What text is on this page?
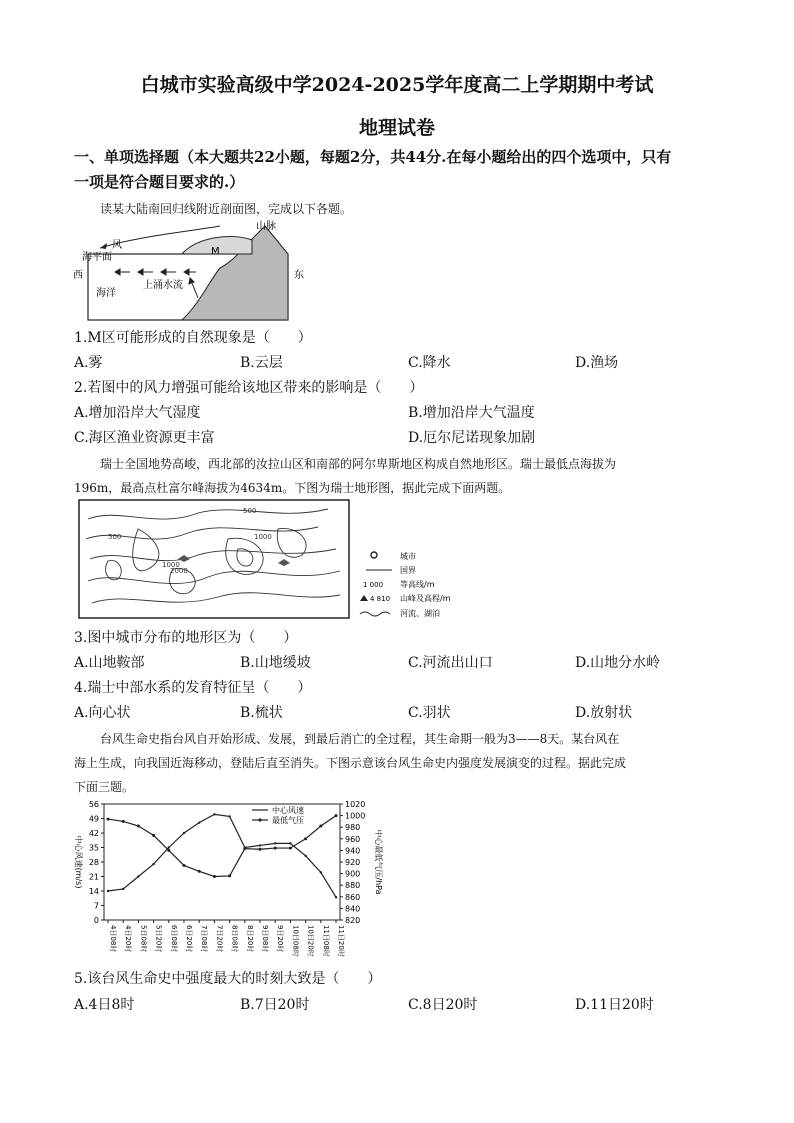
白城市实验高级中学2024-2025学年度高二上学期期中考试
地理试卷
一、单项选择题（本大题共22小题，每题2分，共44分.在每小题给出的四个选项中，只有
一项是符合题目要求的.）
读某大陆南回归线附近剖面图，完成以下各题。
山脉
风
海平面
M
西	东
海洋
上涌水流
1.M区可能形成的自然现象是（　　）
A.雾	B.云层	C.降水	D.渔场
2.若图中的风力增强可能给该地区带来的影响是（　　）
A.增加沿岸大气湿度	B.增加沿岸大气温度
C.海区渔业资源更丰富	D.厄尔尼诺现象加剧
瑞士全国地势高峻，西北部的汝拉山区和南部的阿尔卑斯地区构成自然地形区。瑞士最低点海拔为
196m，最高点杜富尔峰海拔为4634m。下图为瑞士地形图，据此完成下面两题。
500
1000
2000
1000
500
城市
国界
1 000 等高线/m
4 810 山峰及高程/m
河流、湖泊
3.图中城市分布的地形区为（　　）
A.山地鞍部	B.山地缓坡	C.河流出山口	D.山地分水岭
4.瑞士中部水系的发育特征呈（　　）
A.向心状	B.梳状	C.羽状	D.放射状
台风生命史指台风自开始形成、发展，到最后消亡的全过程，其生命期一般为3——8天。某台风在
海上生成，向我国近海移动，登陆后直至消失。下图示意该台风生命史内强度发展演变的过程。据此完成
下面三题。
0
7
14
21
28
35
42
49
56
820
840
860
880
900
920
940
960
980
1000
1020
4日08时 4日20时 5日08时 5日20时 6日08时 6日20时 7日08时 7日20时 8日08时 8日20时 9日08时 9日20时 10日08时 10日20时 11日08时 11日20时
中心风速(m/s)	中心最低气压/hPa
中心风速
最低气压
5.该台风生命史中强度最大的时刻大致是（　　）
A.4日8时	B.7日20时	C.8日20时	D.11日20时
